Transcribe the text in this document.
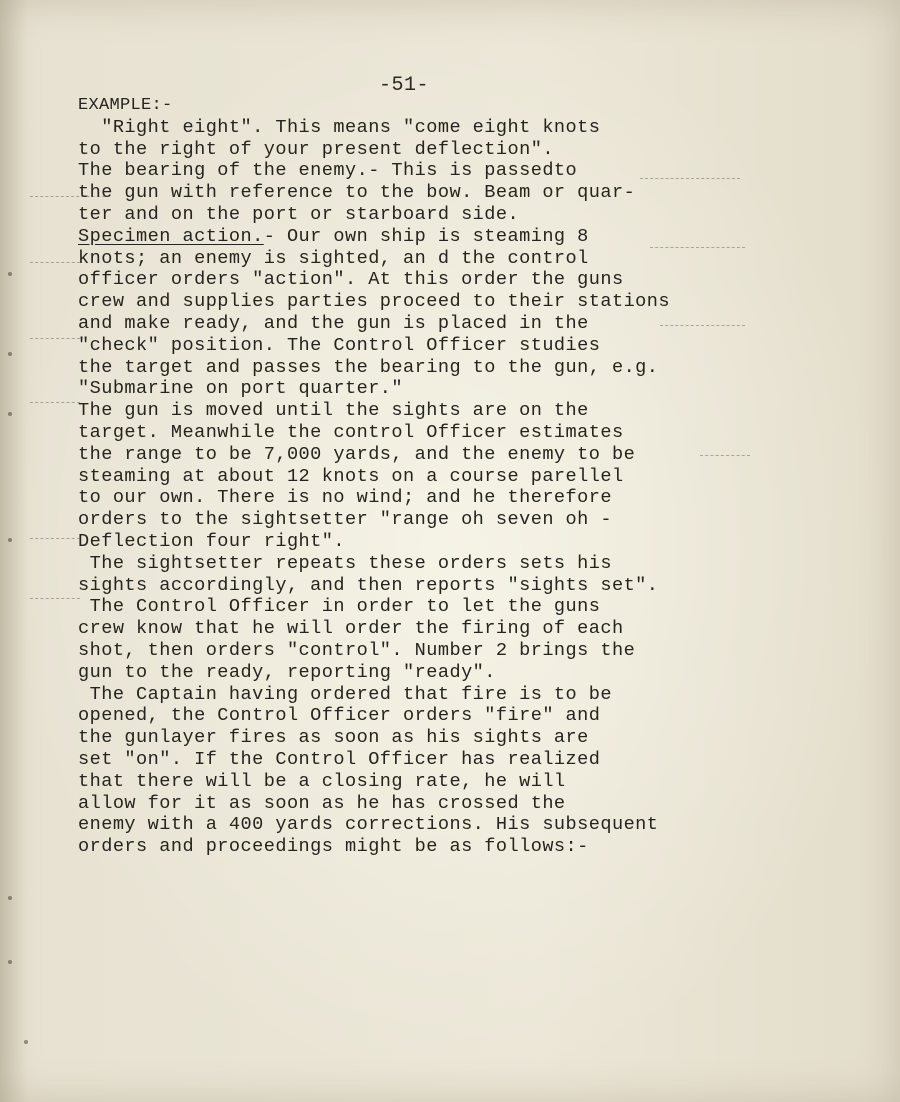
-51-
EXAMPLE:-
"Right eight". This means "come eight knots
to the right of your present deflection".
The bearing of the enemy.- This is passedto
the gun with reference to the bow. Beam or quar-
ter and on the port or starboard side.
Specimen action.- Our own ship is steaming 8
knots; an enemy is sighted, an d the control
officer orders "action". At this order the guns
crew and supplies parties proceed to their stations
and make ready, and the gun is placed in the
"check" position. The Control Officer studies
the target and passes the bearing to the gun, e.g.
"Submarine on port quarter."
The gun is moved until the sights are on the
target. Meanwhile the control Officer estimates
the range to be 7,000 yards, and the enemy to be
steaming at about 12 knots on a course parellel
to our own. There is no wind; and he therefore
orders to the sightsetter "range oh seven oh -
Deflection four right".
The sightsetter repeats these orders sets his
sights accordingly, and then reports "sights set".
The Control Officer in order to let the guns
crew know that he will order the firing of each
shot, then orders "control". Number 2 brings the
gun to the ready, reporting "ready".
The Captain having ordered that fire is to be
opened, the Control Officer orders "fire" and
the gunlayer fires as soon as his sights are
set "on". If the Control Officer has realized
that there will be a closing rate, he will
allow for it as soon as he has crossed the
enemy with a 400 yards corrections. His subsequent
orders and proceedings might be as follows:-
